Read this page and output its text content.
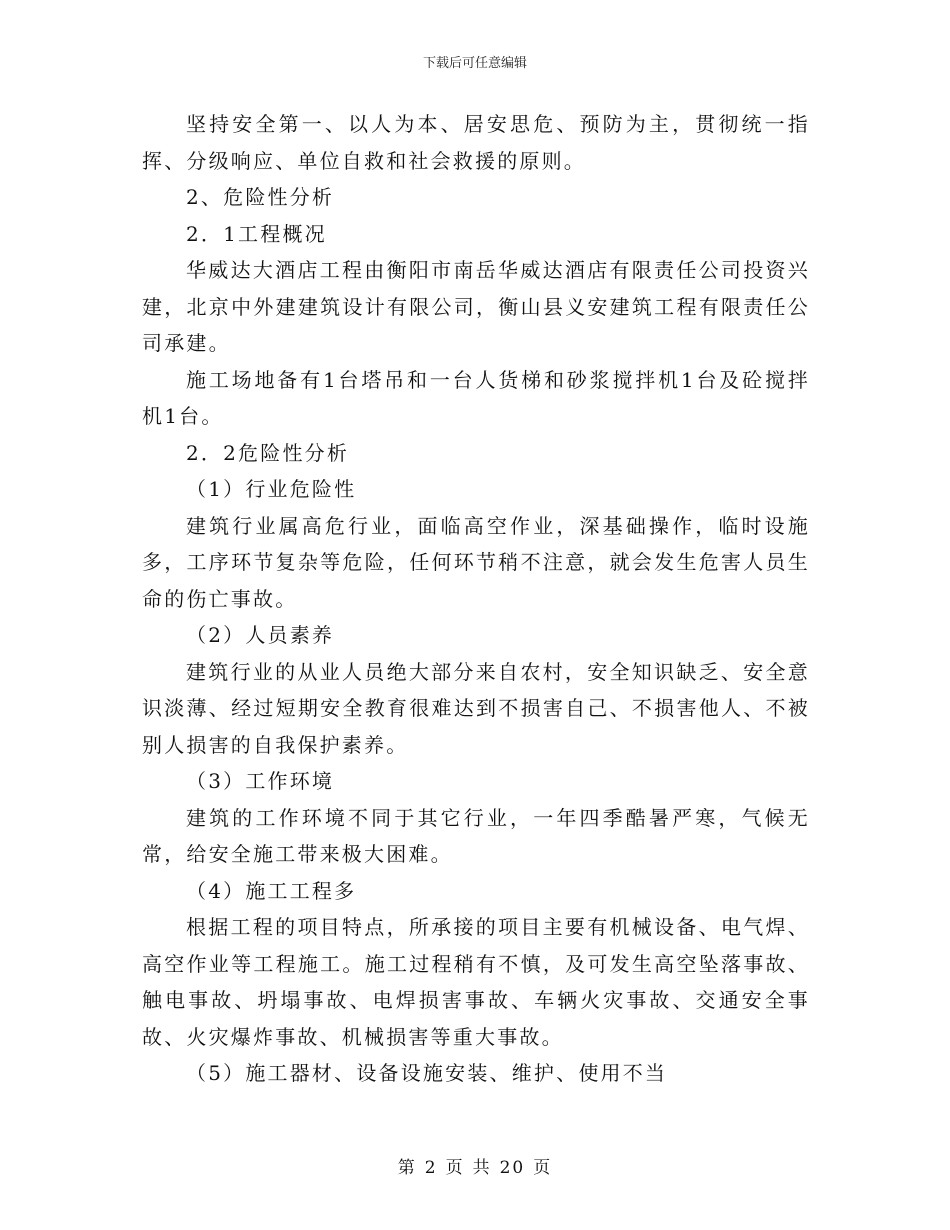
下载后可任意编辑

坚持安全第一、以人为本、居安思危、预防为主，贯彻统一指挥、分级响应、单位自救和社会救援的原则。

2、危险性分析

2．1工程概况

华威达大酒店工程由衡阳市南岳华威达酒店有限责任公司投资兴建，北京中外建建筑设计有限公司，衡山县义安建筑工程有限责任公司承建。

施工场地备有1台塔吊和一台人货梯和砂浆搅拌机1台及砼搅拌机1台。

2．2危险性分析

（1）行业危险性

建筑行业属高危行业，面临高空作业，深基础操作，临时设施多，工序环节复杂等危险，任何环节稍不注意，就会发生危害人员生命的伤亡事故。

（2）人员素养

建筑行业的从业人员绝大部分来自农村，安全知识缺乏、安全意识淡薄、经过短期安全教育很难达到不损害自己、不损害他人、不被别人损害的自我保护素养。

（3）工作环境

建筑的工作环境不同于其它行业，一年四季酷暑严寒，气候无常，给安全施工带来极大困难。

（4）施工工程多

根据工程的项目特点，所承接的项目主要有机械设备、电气焊、高空作业等工程施工。施工过程稍有不慎，及可发生高空坠落事故、触电事故、坍塌事故、电焊损害事故、车辆火灾事故、交通安全事故、火灾爆炸事故、机械损害等重大事故。

（5）施工器材、设备设施安装、维护、使用不当

第 2 页 共 20 页
